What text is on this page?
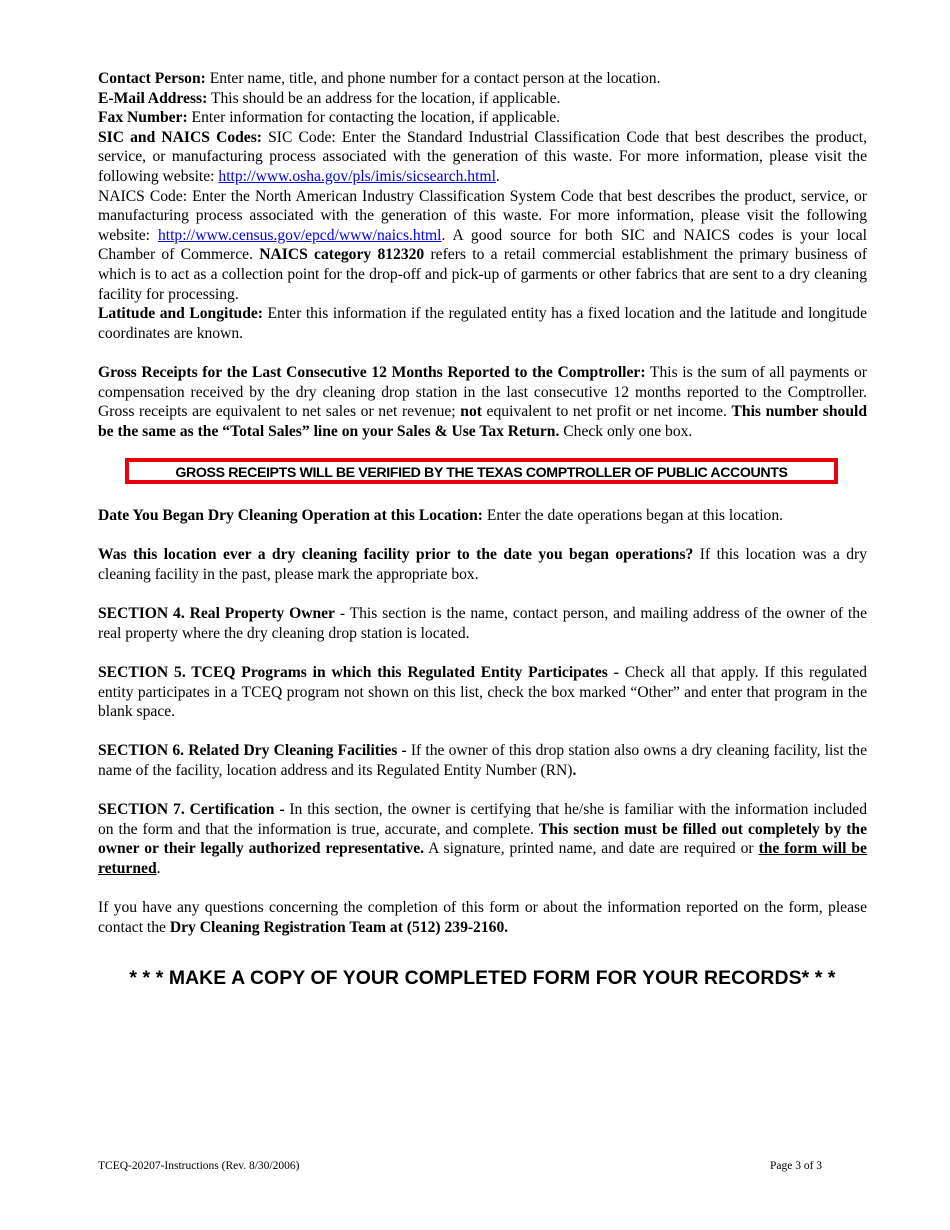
Contact Person: Enter name, title, and phone number for a contact person at the location.

E-Mail Address: This should be an address for the location, if applicable.

Fax Number: Enter information for contacting the location, if applicable.

SIC and NAICS Codes: SIC Code: Enter the Standard Industrial Classification Code that best describes the product, service, or manufacturing process associated with the generation of this waste. For more information, please visit the following website: http://www.osha.gov/pls/imis/sicsearch.html.

NAICS Code: Enter the North American Industry Classification System Code that best describes the product, service, or manufacturing process associated with the generation of this waste. For more information, please visit the following website: http://www.census.gov/epcd/www/naics.html. A good source for both SIC and NAICS codes is your local Chamber of Commerce. NAICS category 812320 refers to a retail commercial establishment the primary business of which is to act as a collection point for the drop-off and pick-up of garments or other fabrics that are sent to a dry cleaning facility for processing.

Latitude and Longitude: Enter this information if the regulated entity has a fixed location and the latitude and longitude coordinates are known.

Gross Receipts for the Last Consecutive 12 Months Reported to the Comptroller: This is the sum of all payments or compensation received by the dry cleaning drop station in the last consecutive 12 months reported to the Comptroller. Gross receipts are equivalent to net sales or net revenue; not equivalent to net profit or net income. This number should be the same as the “Total Sales” line on your Sales & Use Tax Return. Check only one box.

GROSS RECEIPTS WILL BE VERIFIED BY THE TEXAS COMPTROLLER OF PUBLIC ACCOUNTS

Date You Began Dry Cleaning Operation at this Location: Enter the date operations began at this location.

Was this location ever a dry cleaning facility prior to the date you began operations? If this location was a dry cleaning facility in the past, please mark the appropriate box.

SECTION 4. Real Property Owner - This section is the name, contact person, and mailing address of the owner of the real property where the dry cleaning drop station is located.

SECTION 5. TCEQ Programs in which this Regulated Entity Participates - Check all that apply. If this regulated entity participates in a TCEQ program not shown on this list, check the box marked “Other” and enter that program in the blank space.

SECTION 6. Related Dry Cleaning Facilities - If the owner of this drop station also owns a dry cleaning facility, list the name of the facility, location address and its Regulated Entity Number (RN).

SECTION 7. Certification - In this section, the owner is certifying that he/she is familiar with the information included on the form and that the information is true, accurate, and complete. This section must be filled out completely by the owner or their legally authorized representative. A signature, printed name, and date are required or the form will be returned.

If you have any questions concerning the completion of this form or about the information reported on the form, please contact the Dry Cleaning Registration Team at (512) 239-2160.

* * * MAKE A COPY OF YOUR COMPLETED FORM FOR YOUR RECORDS* * *
TCEQ-20207-Instructions (Rev. 8/30/2006)	Page 3 of 3
